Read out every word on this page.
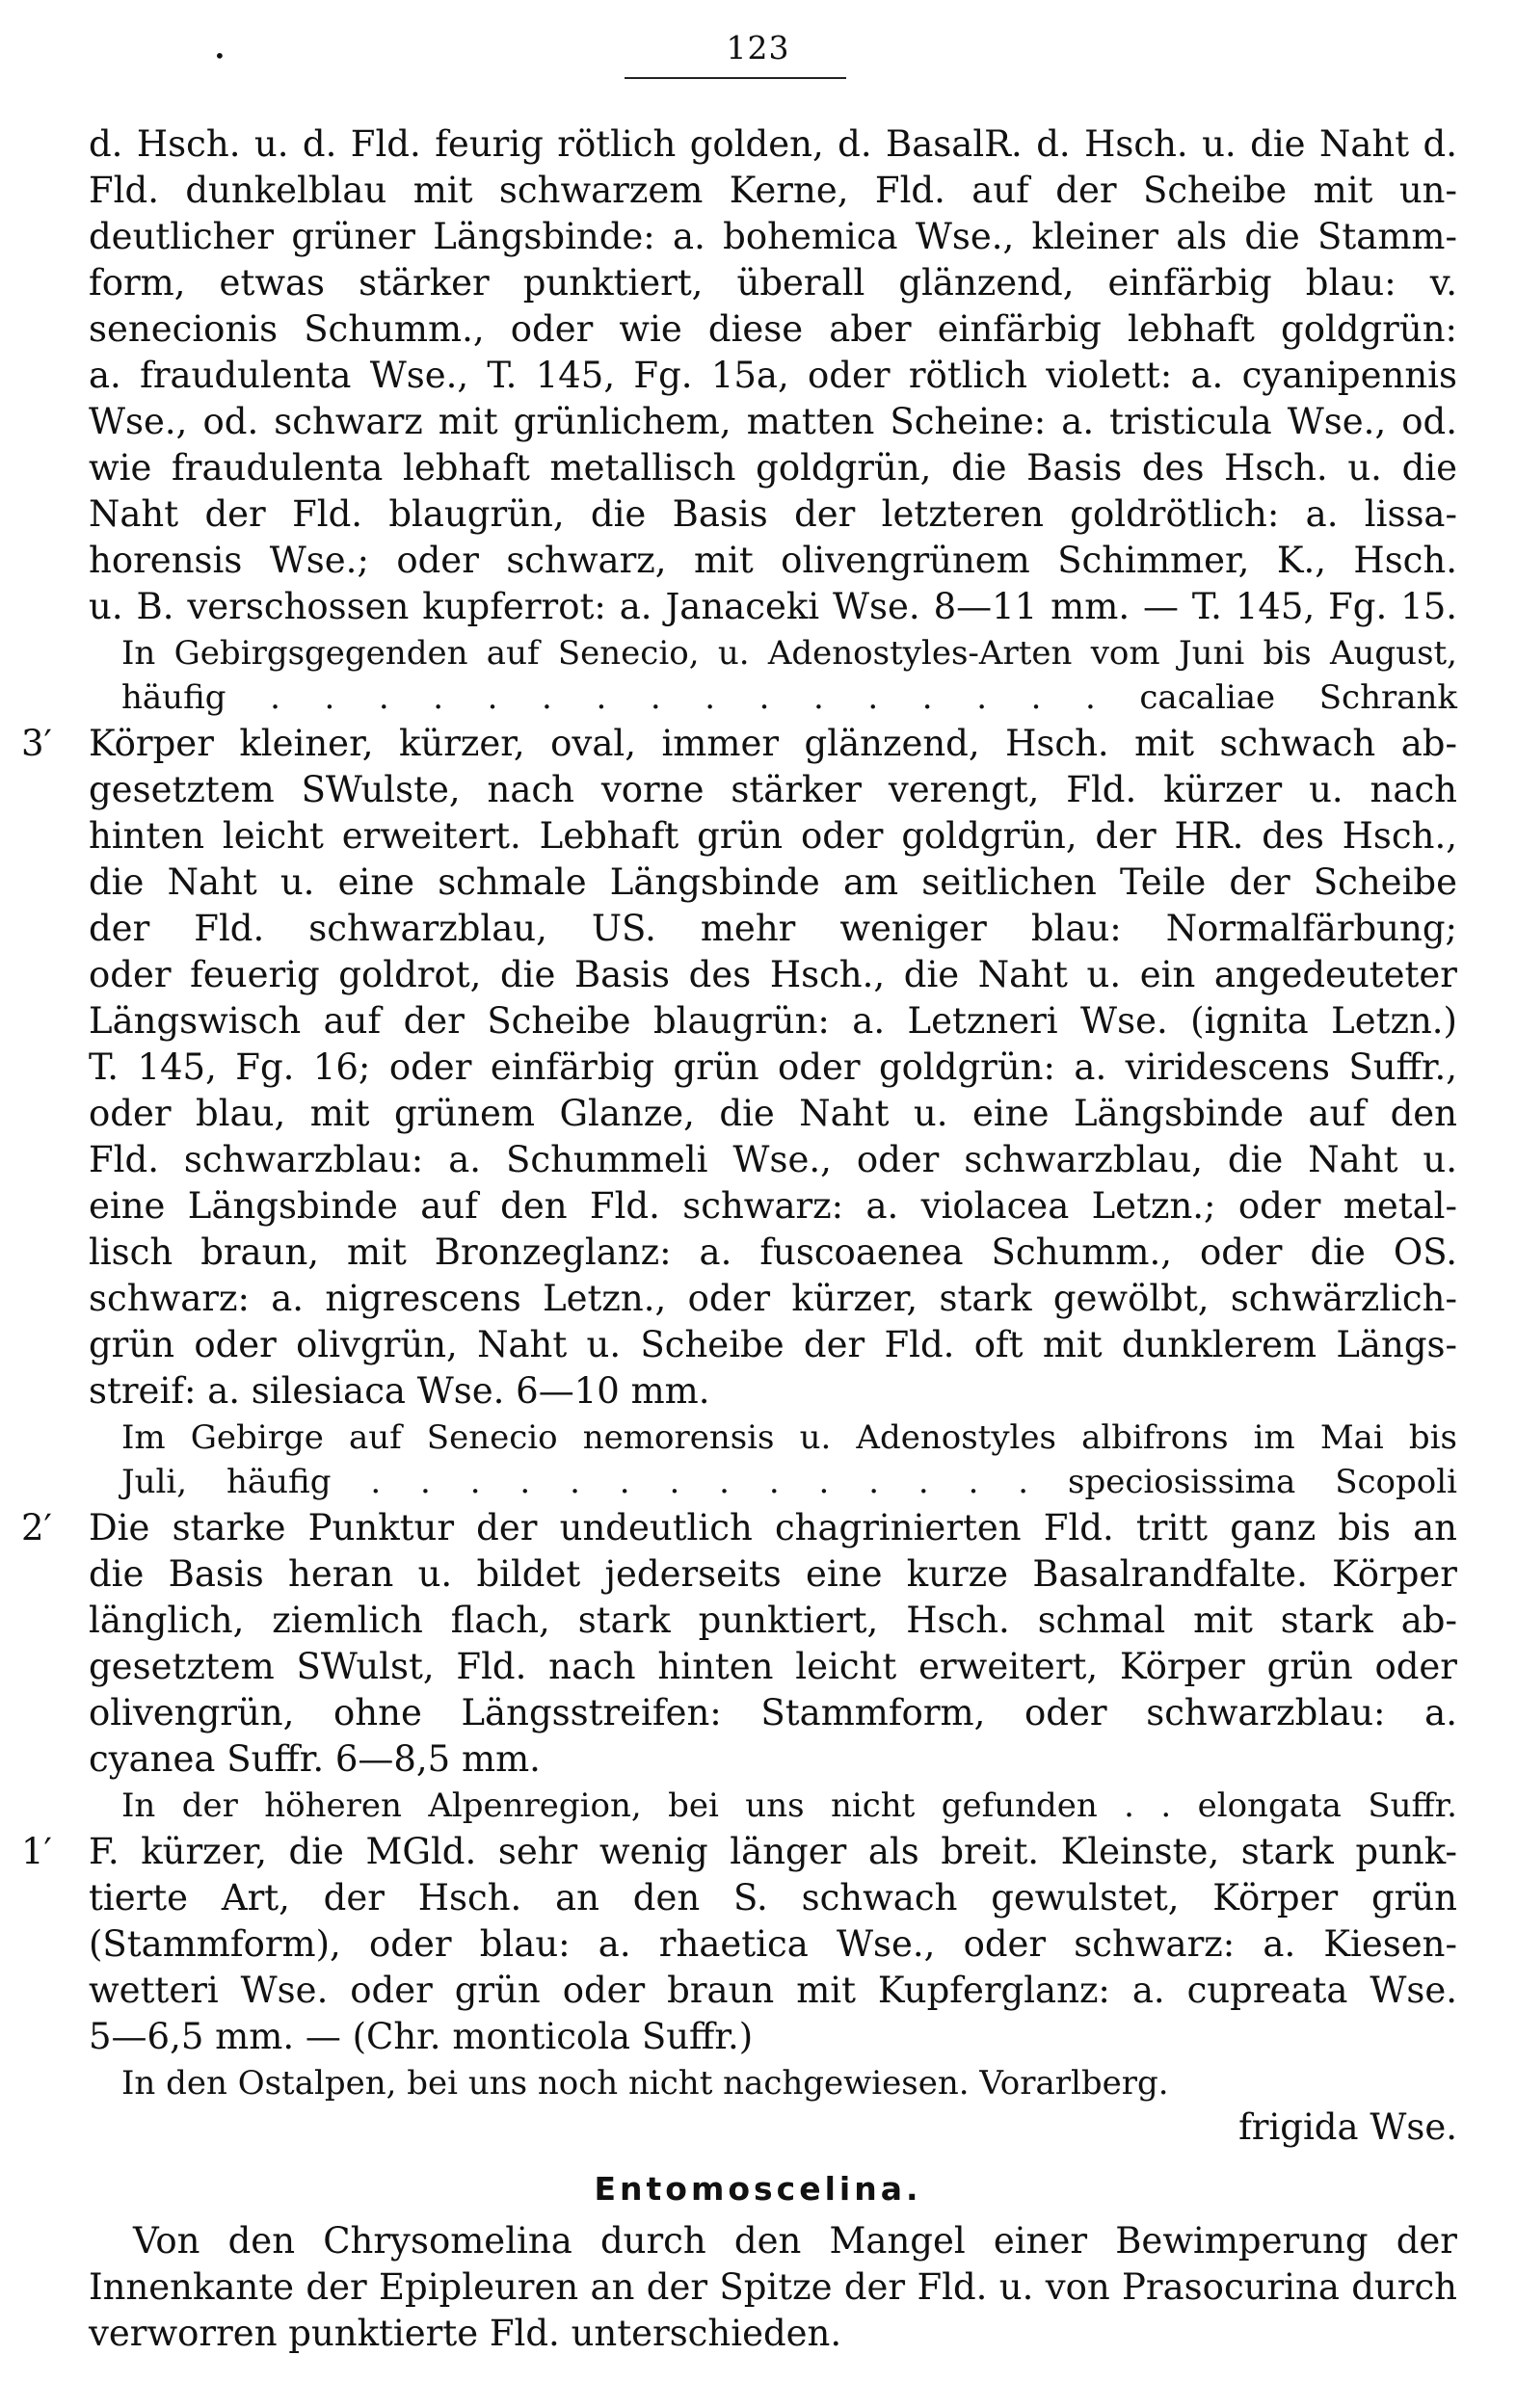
•	123
d. Hsch. u. d. Fld. feurig rötlich golden, d. BasalR. d. Hsch. u. die Naht d.
Fld. dunkelblau mit schwarzem Kerne, Fld. auf der Scheibe mit un-
deutlicher grüner Längsbinde: a. bohemica Wse., kleiner als die Stamm-
form, etwas stärker punktiert, überall glänzend, einfärbig blau: v.
senecionis Schumm., oder wie diese aber einfärbig lebhaft goldgrün:
a. fraudulenta Wse., T. 145, Fg. 15a, oder rötlich violett: a. cyanipennis
Wse., od. schwarz mit grünlichem, matten Scheine: a. tristicula Wse., od.
wie fraudulenta lebhaft metallisch goldgrün, die Basis des Hsch. u. die
Naht der Fld. blaugrün, die Basis der letzteren goldrötlich: a. lissa-
horensis Wse.; oder schwarz, mit olivengrünem Schimmer, K., Hsch.
u. B. verschossen kupferrot: a. Janaceki Wse. 8—11 mm. — T. 145, Fg. 15.
In Gebirgsgegenden auf Senecio, u. Adenostyles-Arten vom Juni bis August,
häufig . . . . . . . . . . . . . . . . cacaliae Schrank
3′ Körper kleiner, kürzer, oval, immer glänzend, Hsch. mit schwach ab-
gesetztem SWulste, nach vorne stärker verengt, Fld. kürzer u. nach
hinten leicht erweitert. Lebhaft grün oder goldgrün, der HR. des Hsch.,
die Naht u. eine schmale Längsbinde am seitlichen Teile der Scheibe
der Fld. schwarzblau, US. mehr weniger blau: Normalfärbung;
oder feuerig goldrot, die Basis des Hsch., die Naht u. ein angedeuteter
Längswisch auf der Scheibe blaugrün: a. Letzneri Wse. (ignita Letzn.)
T. 145, Fg. 16; oder einfärbig grün oder goldgrün: a. viridescens Suffr.,
oder blau, mit grünem Glanze, die Naht u. eine Längsbinde auf den
Fld. schwarzblau: a. Schummeli Wse., oder schwarzblau, die Naht u.
eine Längsbinde auf den Fld. schwarz: a. violacea Letzn.; oder metal-
lisch braun, mit Bronzeglanz: a. fuscoaenea Schumm., oder die OS.
schwarz: a. nigrescens Letzn., oder kürzer, stark gewölbt, schwärzlich-
grün oder olivgrün, Naht u. Scheibe der Fld. oft mit dunklerem Längs-
streif: a. silesiaca Wse. 6—10 mm.
Im Gebirge auf Senecio nemorensis u. Adenostyles albifrons im Mai bis
Juli, häufig . . . . . . . . . . . . . . speciosissima Scopoli
2′ Die starke Punktur der undeutlich chagrinierten Fld. tritt ganz bis an
die Basis heran u. bildet jederseits eine kurze Basalrandfalte. Körper
länglich, ziemlich flach, stark punktiert, Hsch. schmal mit stark ab-
gesetztem SWulst, Fld. nach hinten leicht erweitert, Körper grün oder
olivengrün, ohne Längsstreifen: Stammform, oder schwarzblau: a.
cyanea Suffr. 6—8,5 mm.
In der höheren Alpenregion, bei uns nicht gefunden . . elongata Suffr.
1′ F. kürzer, die MGld. sehr wenig länger als breit. Kleinste, stark punk-
tierte Art, der Hsch. an den S. schwach gewulstet, Körper grün
(Stammform), oder blau: a. rhaetica Wse., oder schwarz: a. Kiesen-
wetteri Wse. oder grün oder braun mit Kupferglanz: a. cupreata Wse.
5—6,5 mm. — (Chr. monticola Suffr.)
In den Ostalpen, bei uns noch nicht nachgewiesen. Vorarlberg.
frigida Wse.
Entomoscelina.
Von den Chrysomelina durch den Mangel einer Bewimperung der
Innenkante der Epipleuren an der Spitze der Fld. u. von Prasocurina durch
verworren punktierte Fld. unterschieden.
